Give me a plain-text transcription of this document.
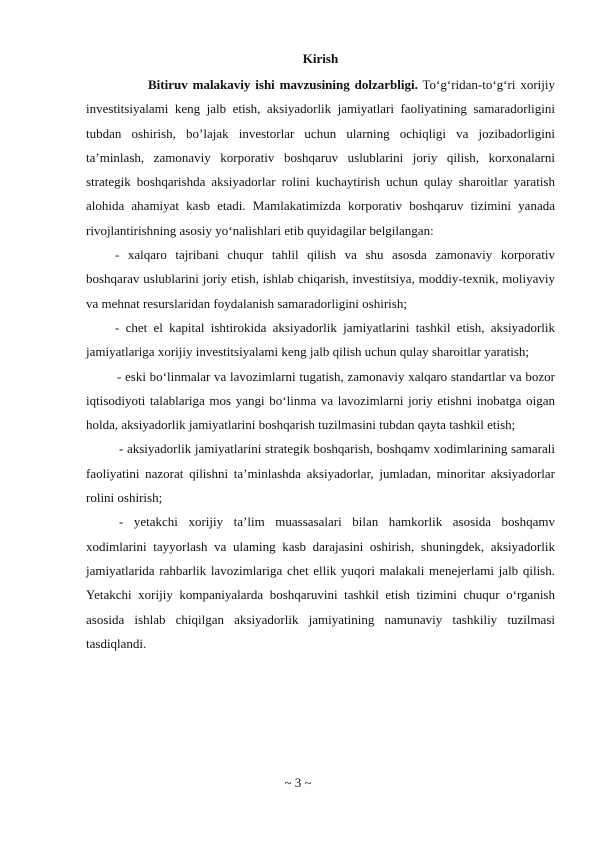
Kirish

Bitiruv malakaviy ishi mavzusining dolzarbligi. To‘g‘ridan-to‘g‘ri xorijiy investitsiyalami keng jalb etish, aksiyadorlik jamiyatlari faoliyatining samaradorligini tubdan oshirish, bo’lajak investorlar uchun ularning ochiqligi va jozibadorligini ta’minlash, zamonaviy korporativ boshqaruv uslublarini joriy qilish, korxonalarni strategik boshqarishda aksiyadorlar rolini kuchaytirish uchun qulay sharoitlar yaratish alohida ahamiyat kasb etadi. Mamlakatimizda korporativ boshqaruv tizimini yanada rivojlantirishning asosiy yo‘nalishlari etib quyidagilar belgilangan:

- xalqaro tajribani chuqur tahlil qilish va shu asosda zamonaviy korporativ boshqarav uslublarini joriy etish, ishlab chiqarish, investitsiya, moddiy-texnik, moliyaviy va mehnat resurslaridan foydalanish samaradorligini oshirish;

- chet el kapital ishtirokida aksiyadorlik jamiyatlarini tashkil etish, aksiyadorlik jamiyatlariga xorijiy investitsiyalami keng jalb qilish uchun qulay sharoitlar yaratish;

- eski bo‘linmalar va lavozimlarni tugatish, zamonaviy xalqaro standartlar va bozor iqtisodiyoti talablariga mos yangi bo‘linma va lavozimlarni joriy etishni inobatga oigan holda, aksiyadorlik jamiyatlarini boshqarish tuzilmasini tubdan qayta tashkil etish;

- aksiyadorlik jamiyatlarini strategik boshqarish, boshqamv xodimlarining samarali faoliyatini nazorat qilishni ta’minlashda aksiyadorlar, jumladan, minoritar aksiyadorlar rolini oshirish;

- yetakchi xorijiy ta’lim muassasalari bilan hamkorlik asosida boshqamv xodimlarini tayyorlash va ulaming kasb darajasini oshirish, shuningdek, aksiyadorlik jamiyatlarida rahbarlik lavozimlariga chet ellik yuqori malakali menejerlami jalb qilish. Yetakchi xorijiy kompaniyalarda boshqaruvini tashkil etish tizimini chuqur o‘rganish asosida ishlab chiqilgan aksiyadorlik jamiyatining namunaviy tashkiliy tuzilmasi tasdiqlandi.

~ 3 ~
